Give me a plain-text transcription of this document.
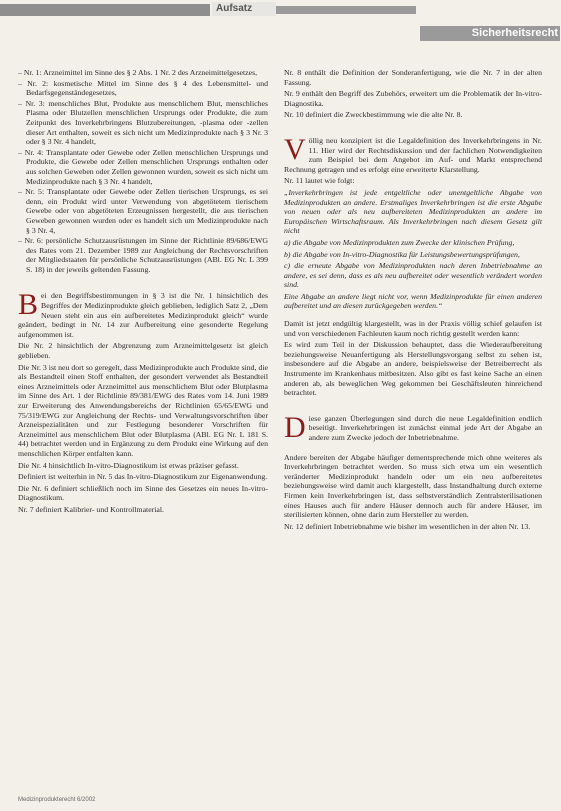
Aufsatz
Sicherheitsrecht

– Nr. 1: Arzneimittel im Sinne des § 2 Abs. 1 Nr. 2 des Arzneimittelgesetzes,

– Nr. 2: kosmetische Mittel im Sinne des § 4 des Lebensmittel- und Bedarfsgegenständegesetzes,

– Nr. 3: menschliches Blut, Produkte aus menschlichem Blut, menschliches Plasma oder Blutzellen menschlichen Ursprungs oder Produkte, die zum Zeitpunkt des Inverkehrbringens Blutzubereitungen, -plasma oder -zellen dieser Art enthalten, soweit es sich nicht um Medizinprodukte nach § 3 Nr. 3 oder § 3 Nr. 4 handelt,

– Nr. 4: Transplantate oder Gewebe oder Zellen menschlichen Ursprungs und Produkte, die Gewebe oder Zellen menschlichen Ursprungs enthalten oder aus solchen Geweben oder Zellen gewonnen wurden, soweit es sich nicht um Medizinprodukte nach § 3 Nr. 4 handelt,

– Nr. 5: Transplantate oder Gewebe oder Zellen tierischen Ursprungs, es sei denn, ein Produkt wird unter Verwendung von abgetötetem tierischem Gewebe oder von abgetöteten Erzeugnissen hergestellt, die aus tierischen Geweben gewonnen wurden oder es handelt sich um Medizinprodukte nach § 3 Nr. 4,

– Nr. 6: persönliche Schutzausrüstungen im Sinne der Richtlinie 89/686/EWG des Rates vom 21. Dezember 1989 zur Angleichung der Rechtsvorschriften der Mitgliedstaaten für persönliche Schutzausrüstungen (ABl. EG Nr. L 399 S. 18) in der jeweils geltenden Fassung.

Bei den Begriffsbestimmungen in § 3 ist die Nr. 1 hinsichtlich des Begriffes der Medizinprodukte gleich geblieben, lediglich Satz 2, „Dem Neuen steht ein aus ein aufbereitetes Medizinprodukt gleich“ wurde geändert, bedingt in Nr. 14 zur Aufbereitung eine gesonderte Regelung aufgenommen ist.

Die Nr. 2 hinsichtlich der Abgrenzung zum Arzneimittelgesetz ist gleich geblieben.

Die Nr. 3 ist neu dort so geregelt, dass Medizinprodukte auch Produkte sind, die als Bestandteil einen Stoff enthalten, der gesondert verwendet als Bestandteil eines Arzneimittels oder Arzneimittel aus menschlichem Blut oder Blutplasma im Sinne des Art. 1 der Richtlinie 89/381/EWG des Rates vom 14. Juni 1989 zur Erweiterung des Anwendungsbereichs der Richtlinien 65/65/EWG und 75/319/EWG zur Angleichung der Rechts- und Verwaltungsvorschriften über Arzneispezialitäten und zur Festlegung besonderer Vorschriften für Arzneimittel aus menschlichem Blut oder Blutplasma (ABl. EG Nr. L 181 S. 44) betrachtet werden und in Ergänzung zu dem Produkt eine Wirkung auf den menschlichen Körper entfalten kann.

Die Nr. 4 hinsichtlich In-vitro-Diagnostikum ist etwas präziser gefasst.

Definiert ist weiterhin in Nr. 5 das In-vitro-Diagnostikum zur Eigenanwendung.

Die Nr. 6 definiert schließlich noch im Sinne des Gesetzes ein neues In-vitro-Diagnostikum.

Nr. 7 definiert Kalibrier- und Kontrollmaterial.

Nr. 8 enthält die Definition der Sonderanfertigung, wie die Nr. 7 in der alten Fassung.

Nr. 9 enthält den Begriff des Zubehörs, erweitert um die Problematik der In-vitro-Diagnostika.

Nr. 10 definiert die Zweckbestimmung wie die alte Nr. 8.

Völlig neu konzipiert ist die Legaldefinition des Inverkehrbringens in Nr. 11. Hier wird der Rechtsdiskussion und der fachlichen Notwendigkeiten zum Beispiel bei dem Angebot im Auf- und Markt entsprechend Rechnung getragen und es erfolgt eine erweiterte Klarstellung.

Nr. 11 lautet wie folgt:

„Inverkehrbringen ist jede entgeltliche oder unentgeltliche Abgabe von Medizinprodukten an andere. Erstmaliges Inverkehrbringen ist die erste Abgabe von neuen oder als neu aufbereiteten Medizinprodukten an andere im Europäischen Wirtschaftsraum. Als Inverkehrbringen nach diesem Gesetz gilt nicht

a) die Abgabe von Medizinprodukten zum Zwecke der klinischen Prüfung,

b) die Abgabe von In-vitro-Diagnostika für Leistungsbewertungsprüfungen,

c) die erneute Abgabe von Medizinprodukten nach deren Inbetriebnahme an andere, es sei denn, dass es als neu aufbereitet oder wesentlich verändert worden sind.

Eine Abgabe an andere liegt nicht vor, wenn Medizinprodukte für einen anderen aufbereitet und an diesen zurückgegeben werden.“

Damit ist jetzt endgültig klargestellt, was in der Praxis völlig schief gelaufen ist und von verschiedenen Fachleuten kaum noch richtig gestellt werden kann:

Es wird zum Teil in der Diskussion behauptet, dass die Wiederaufbereitung beziehungsweise Neuanfertigung als Herstellungsvorgang selbst zu sehen ist, insbesondere auf die Abgabe an andere, beispielsweise der Betreiberrecht als Instrumente im Krankenhaus mitbesitzen. Also gibt es fast keine Sache an einen anderen ab, als beweglichen Weg gekommen bei Geschäftsleuten hinreichend betrachtet.

Diese ganzen Überlegungen sind durch die neue Legaldefinition endlich beseitigt. Inverkehrbringen ist zunächst einmal jede Art der Abgabe an andere zum Zwecke jedoch der Inbetriebnahme.

Andere bereiten der Abgabe häufiger dementsprechende mich ohne weiteres als Inverkehrbringen betrachtet werden. So muss sich etwa um ein wesentlich veränderter Medizinprodukt handeln oder um ein neu aufbereitetes beziehungsweise wird damit auch klargestellt, dass Instandhaltung durch externe Firmen kein Inverkehrbringen ist, dass selbstverständlich Zentralsterilisationen eines Hauses auch für andere Häuser dennoch auch für andere Häuser, im sterilisierten können, ohne darin zum Hersteller zu werden.

Nr. 12 definiert Inbetriebnahme wie bisher im wesentlichen in der alten Nr. 13.

Medizinprodukterecht 6/2002
